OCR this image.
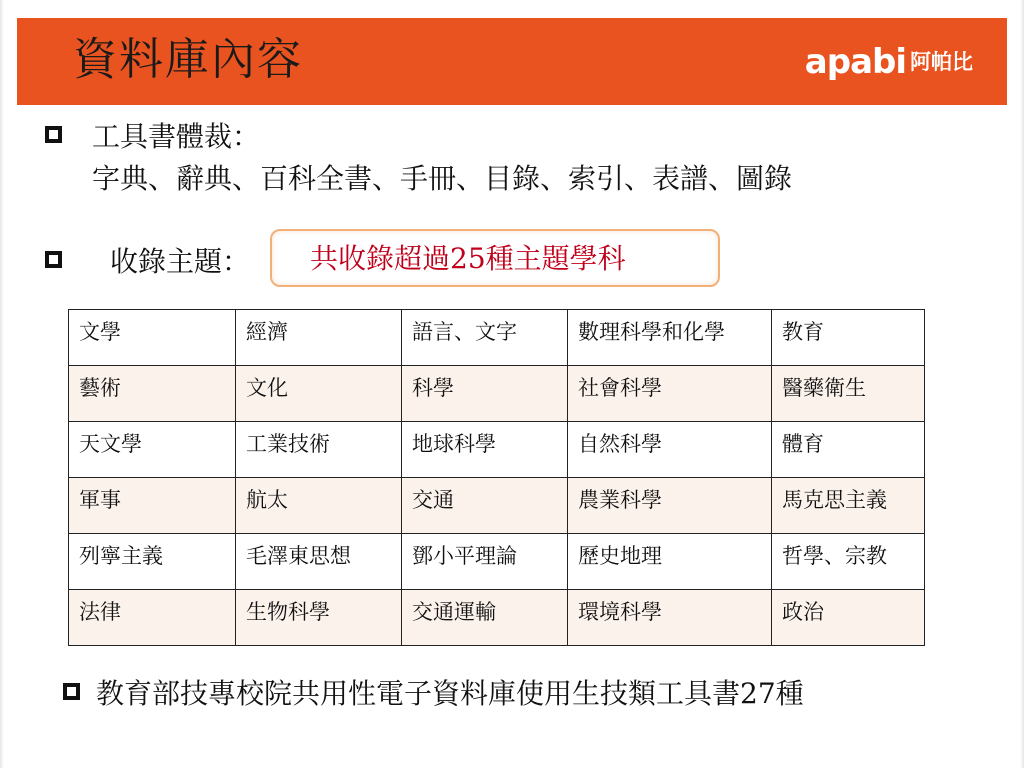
資料庫內容	apabi 阿帕比
工具書體裁：
字典、辭典、百科全書、手冊、目錄、索引、表譜、圖錄
收錄主題： 共收錄超過25種主題學科
文學	經濟	語言、文字	數理科學和化學	教育
藝術	文化	科學	社會科學	醫藥衛生
天文學	工業技術	地球科學	自然科學	體育
軍事	航太	交通	農業科學	馬克思主義
列寧主義	毛澤東思想	鄧小平理論	歷史地理	哲學、宗教
法律	生物科學	交通運輸	環境科學	政治
教育部技專校院共用性電子資料庫使用生技類工具書27種
